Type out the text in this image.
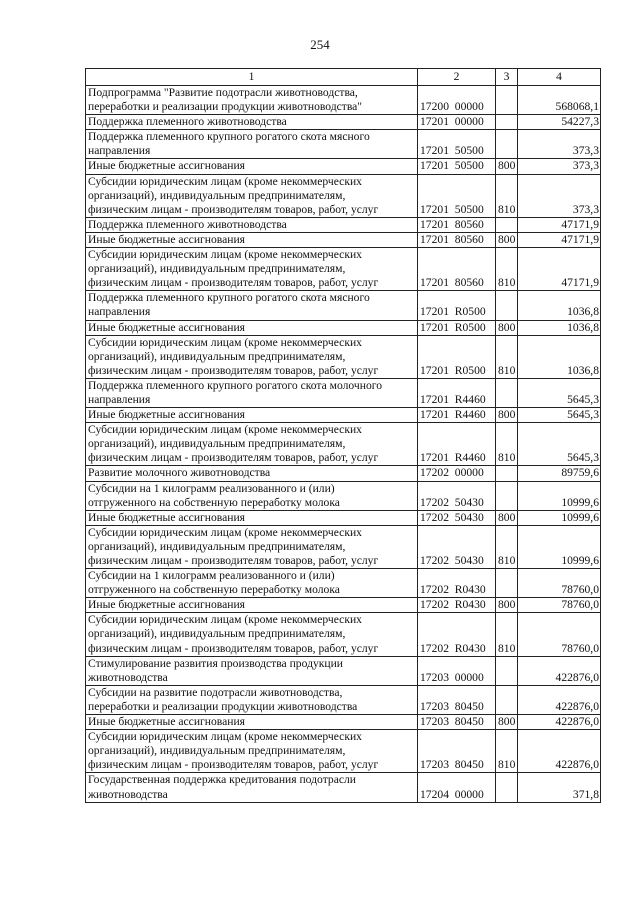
254
1	2	3	4
Подпрограмма "Развитие подотрасли животноводства,
переработки и реализации продукции животноводства"	17200  00000		568068,1
Поддержка племенного животноводства	17201  00000		54227,3
Поддержка племенного крупного рогатого скота мясного
направления	17201  50500		373,3
Иные бюджетные ассигнования	17201  50500	800	373,3
Субсидии юридическим лицам (кроме некоммерческих
организаций), индивидуальным предпринимателям,
физическим лицам - производителям товаров, работ, услуг	17201  50500	810	373,3
Поддержка племенного животноводства	17201  80560		47171,9
Иные бюджетные ассигнования	17201  80560	800	47171,9
Субсидии юридическим лицам (кроме некоммерческих
организаций), индивидуальным предпринимателям,
физическим лицам - производителям товаров, работ, услуг	17201  80560	810	47171,9
Поддержка племенного крупного рогатого скота мясного
направления	17201  R0500		1036,8
Иные бюджетные ассигнования	17201  R0500	800	1036,8
Субсидии юридическим лицам (кроме некоммерческих
организаций), индивидуальным предпринимателям,
физическим лицам - производителям товаров, работ, услуг	17201  R0500	810	1036,8
Поддержка племенного крупного рогатого скота молочного
направления	17201  R4460		5645,3
Иные бюджетные ассигнования	17201  R4460	800	5645,3
Субсидии юридическим лицам (кроме некоммерческих
организаций), индивидуальным предпринимателям,
физическим лицам - производителям товаров, работ, услуг	17201  R4460	810	5645,3
Развитие молочного животноводства	17202  00000		89759,6
Субсидии на 1 килограмм реализованного и (или)
отгруженного на собственную переработку молока	17202  50430		10999,6
Иные бюджетные ассигнования	17202  50430	800	10999,6
Субсидии юридическим лицам (кроме некоммерческих
организаций), индивидуальным предпринимателям,
физическим лицам - производителям товаров, работ, услуг	17202  50430	810	10999,6
Субсидии на 1 килограмм реализованного и (или)
отгруженного на собственную переработку молока	17202  R0430		78760,0
Иные бюджетные ассигнования	17202  R0430	800	78760,0
Субсидии юридическим лицам (кроме некоммерческих
организаций), индивидуальным предпринимателям,
физическим лицам - производителям товаров, работ, услуг	17202  R0430	810	78760,0
Стимулирование развития производства продукции
животноводства	17203  00000		422876,0
Субсидии на развитие подотрасли животноводства,
переработки и реализации продукции животноводства	17203  80450		422876,0
Иные бюджетные ассигнования	17203  80450	800	422876,0
Субсидии юридическим лицам (кроме некоммерческих
организаций), индивидуальным предпринимателям,
физическим лицам - производителям товаров, работ, услуг	17203  80450	810	422876,0
Государственная поддержка кредитования подотрасли
животноводства	17204  00000		371,8
